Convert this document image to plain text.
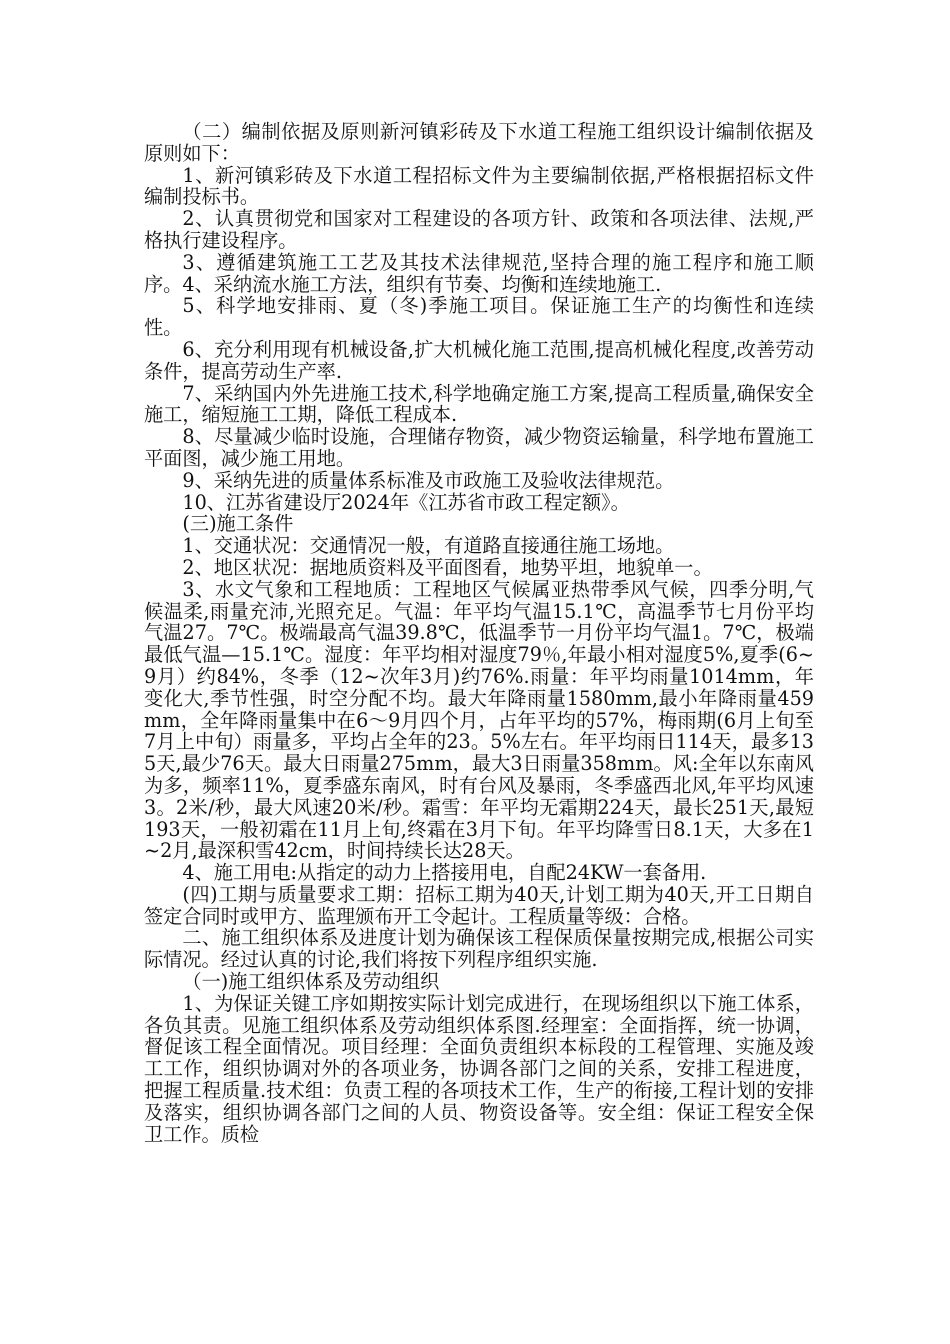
（二）编制依据及原则新河镇彩砖及下水道工程施工组织设计编制依据及原则如下：

1、新河镇彩砖及下水道工程招标文件为主要编制依据,严格根据招标文件编制投标书。

2、认真贯彻党和国家对工程建设的各项方针、政策和各项法律、法规,严格执行建设程序。

3、遵循建筑施工工艺及其技术法律规范,坚持合理的施工程序和施工顺序。4、采纳流水施工方法，组织有节奏、均衡和连续地施工.

5、科学地安排雨、夏（冬)季施工项目。保证施工生产的均衡性和连续性。

6、充分利用现有机械设备,扩大机械化施工范围,提高机械化程度,改善劳动条件，提高劳动生产率.

7、采纳国内外先进施工技术,科学地确定施工方案,提高工程质量,确保安全施工，缩短施工工期，降低工程成本.

8、尽量减少临时设施，合理储存物资，减少物资运输量，科学地布置施工平面图，减少施工用地。

9、采纳先进的质量体系标准及市政施工及验收法律规范。

10、江苏省建设厅2024年《江苏省市政工程定额》。

(三)施工条件

1、交通状况：交通情况一般，有道路直接通往施工场地。

2、地区状况：据地质资料及平面图看，地势平坦，地貌单一。

3、水文气象和工程地质：工程地区气候属亚热带季风气候，四季分明,气候温柔,雨量充沛,光照充足。气温：年平均气温15.1℃，高温季节七月份平均气温27。7℃。极端最高气温39.8℃，低温季节一月份平均气温1。7℃，极端最低气温—15.1℃。湿度：年平均相对湿度79％,年最小相对湿度5%,夏季(6~9月）约84%，冬季（12~次年3月)约76%.雨量：年平均雨量1014mm，年变化大,季节性强，时空分配不均。最大年降雨量1580mm,最小年降雨量459mm，全年降雨量集中在6～9月四个月，占年平均的57%，梅雨期(6月上旬至7月上中旬）雨量多，平均占全年的23。5%左右。年平均雨日114天，最多135天,最少76天。最大日雨量275mm，最大3日雨量358mm。风:全年以东南风为多，频率11%，夏季盛东南风，时有台风及暴雨，冬季盛西北风,年平均风速3。2米/秒，最大风速20米/秒。霜雪：年平均无霜期224天，最长251天,最短193天，一般初霜在11月上旬,终霜在3月下旬。年平均降雪日8.1天，大多在1~2月,最深积雪42cm，时间持续长达28天。

4、施工用电:从指定的动力上搭接用电，自配24KW一套备用.

(四)工期与质量要求工期：招标工期为40天,计划工期为40天,开工日期自签定合同时或甲方、监理颁布开工令起计。工程质量等级：合格。

二、施工组织体系及进度计划为确保该工程保质保量按期完成,根据公司实际情况。经过认真的讨论,我们将按下列程序组织实施.

（一)施工组织体系及劳动组织

1、为保证关键工序如期按实际计划完成进行，在现场组织以下施工体系，各负其责。见施工组织体系及劳动组织体系图.经理室：全面指挥，统一协调，督促该工程全面情况。项目经理：全面负责组织本标段的工程管理、实施及竣工工作，组织协调对外的各项业务，协调各部门之间的关系，安排工程进度，把握工程质量.技术组：负责工程的各项技术工作，生产的衔接,工程计划的安排及落实，组织协调各部门之间的人员、物资设备等。安全组：保证工程安全保卫工作。质检
